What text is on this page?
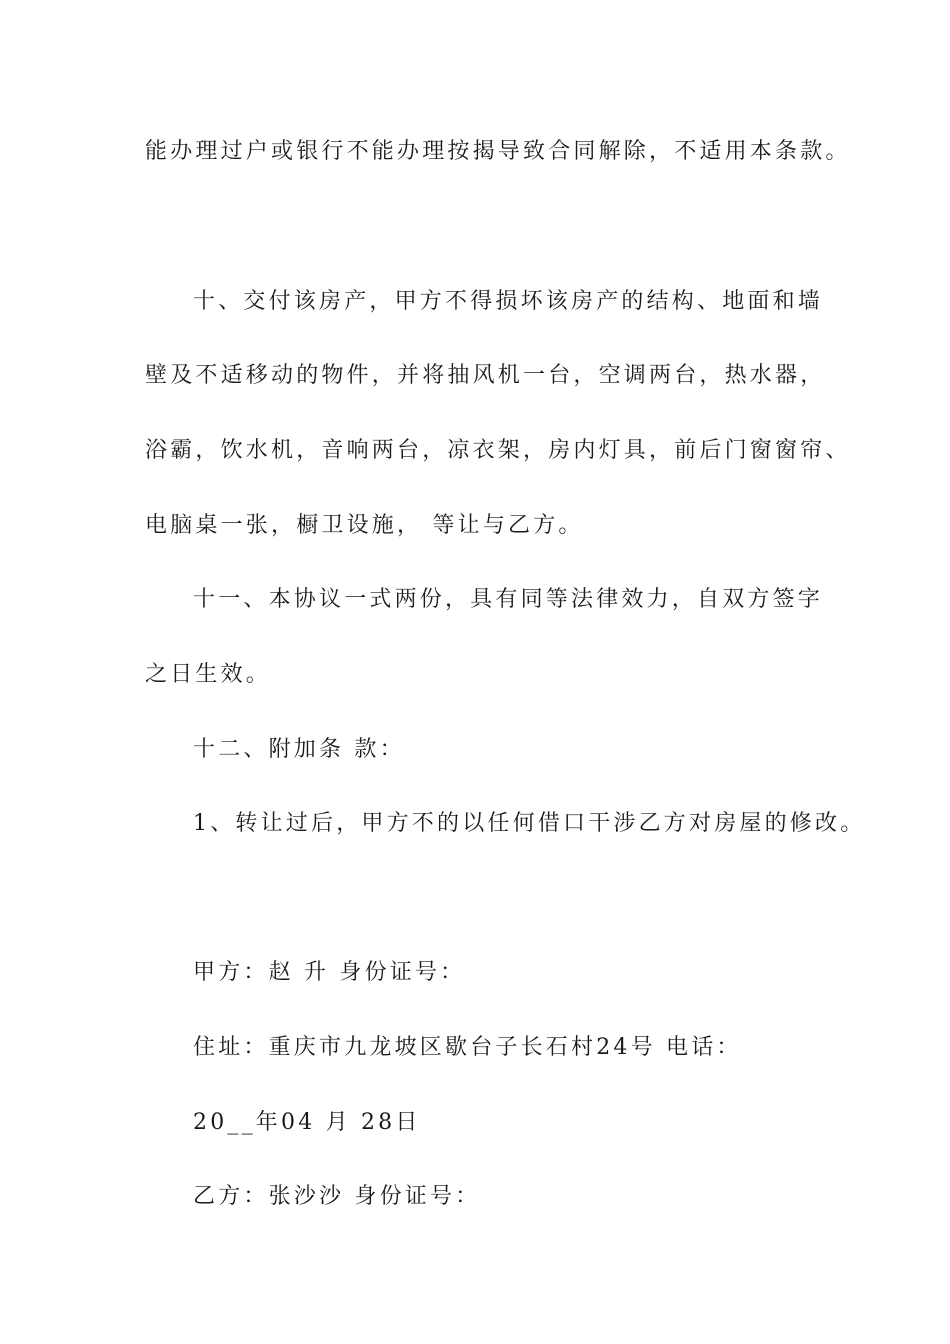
能办理过户或银行不能办理按揭导致合同解除，不适用本条款。
十、交付该房产，甲方不得损坏该房产的结构、地面和墙
壁及不适移动的物件，并将抽风机一台，空调两台，热水器，
浴霸，饮水机，音响两台，凉衣架，房内灯具，前后门窗窗帘、
电脑桌一张，橱卫设施， 等让与乙方。
十一、本协议一式两份，具有同等法律效力，自双方签字
之日生效。
十二、附加条 款：
1、转让过后，甲方不的以任何借口干涉乙方对房屋的修改。
甲方：赵 升 身份证号：
住址：重庆市九龙坡区歇台子长石村24号 电话：
20__年04 月 28日
乙方：张沙沙 身份证号：
